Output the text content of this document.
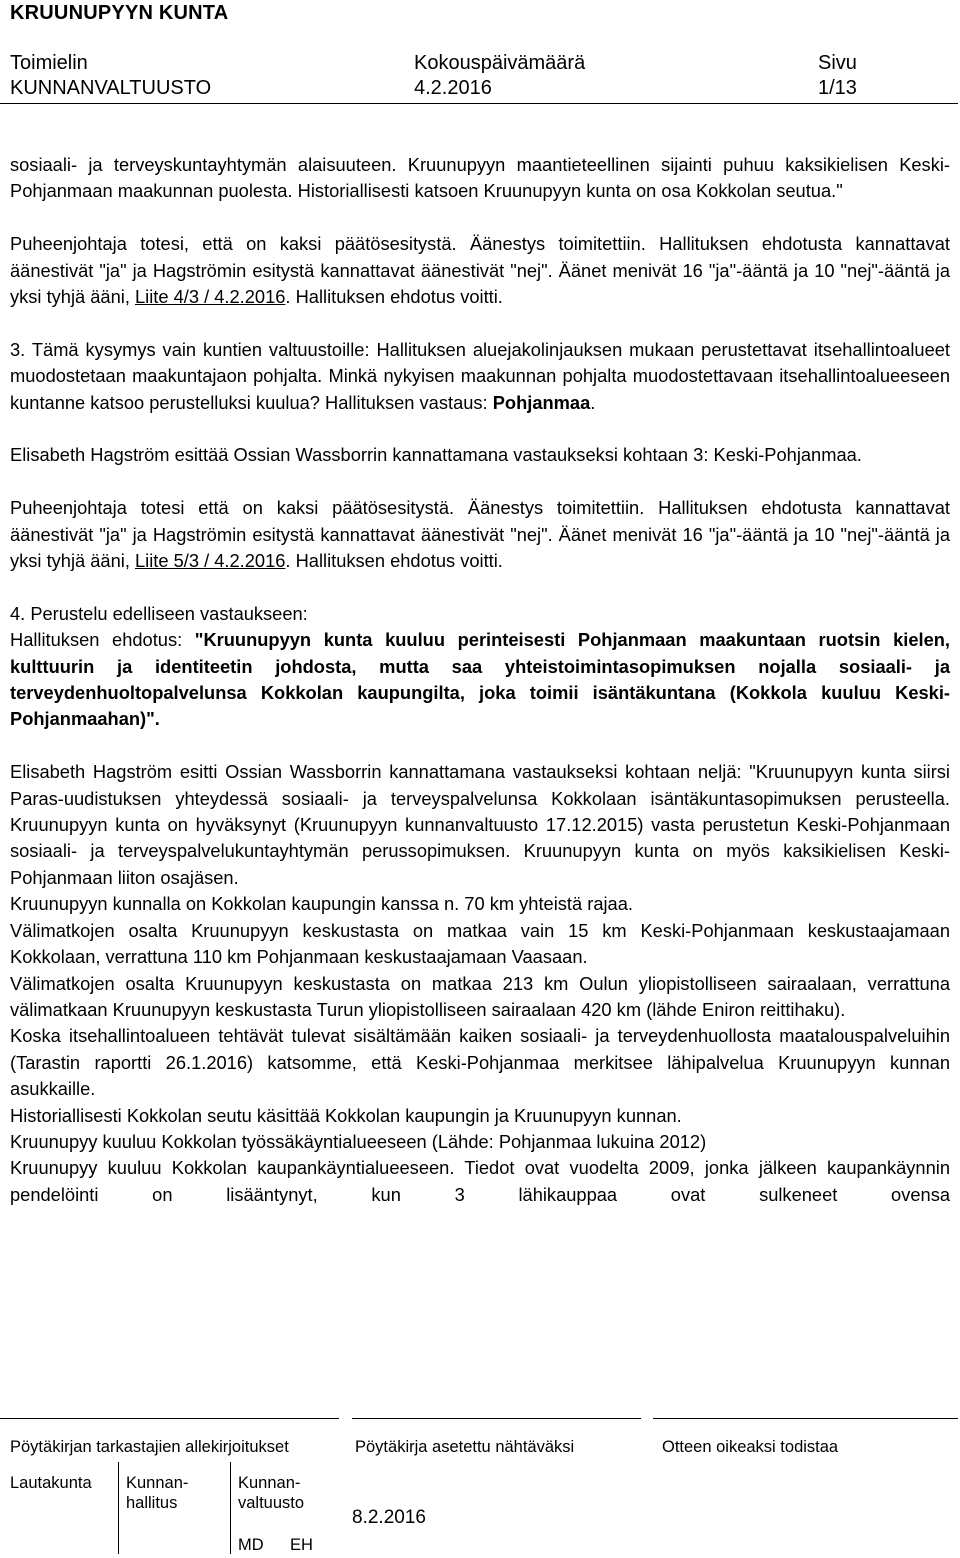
KRUUNUPYYN KUNTA
Toimielin
KUNNANVALTUUSTO
Kokouspäivämäärä
4.2.2016
Sivu
1/13

sosiaali- ja terveyskuntayhtymän alaisuuteen. Kruunupyyn maantieteellinen sijainti puhuu kaksikielisen Keski-Pohjanmaan maakunnan puolesta. Historiallisesti katsoen Kruunupyyn kunta on osa Kokkolan seutua."

Puheenjohtaja totesi, että on kaksi päätösesitystä. Äänestys toimitettiin. Hallituksen ehdotusta kannattavat äänestivät "ja" ja Hagströmin esitystä kannattavat äänestivät "nej". Äänet menivät 16 "ja"-ääntä ja 10 "nej"-ääntä ja yksi tyhjä ääni, Liite 4/3 / 4.2.2016. Hallituksen ehdotus voitti.

3. Tämä kysymys vain kuntien valtuustoille: Hallituksen aluejakolinjauksen mukaan perustettavat itsehallintoalueet muodostetaan maakuntajaon pohjalta. Minkä nykyisen maakunnan pohjalta muodostettavaan itsehallintoalueeseen kuntanne katsoo perustelluksi kuulua? Hallituksen vastaus: Pohjanmaa.

Elisabeth Hagström esittää Ossian Wassborrin kannattamana vastaukseksi kohtaan 3: Keski-Pohjanmaa.

Puheenjohtaja totesi että on kaksi päätösesitystä. Äänestys toimitettiin. Hallituksen ehdotusta kannattavat äänestivät "ja" ja Hagströmin esitystä kannattavat äänestivät "nej". Äänet menivät 16 "ja"-ääntä ja 10 "nej"-ääntä ja yksi tyhjä ääni, Liite 5/3 / 4.2.2016. Hallituksen ehdotus voitti.

4. Perustelu edelliseen vastaukseen:

Hallituksen ehdotus: "Kruunupyyn kunta kuuluu perinteisesti Pohjanmaan maakuntaan ruotsin kielen, kulttuurin ja identiteetin johdosta, mutta saa yhteistoimintasopimuksen nojalla sosiaali- ja terveydenhuoltopalvelunsa Kokkolan kaupungilta, joka toimii isäntäkuntana (Kokkola kuuluu Keski-Pohjanmaahan)".

Elisabeth Hagström esitti Ossian Wassborrin kannattamana vastaukseksi kohtaan neljä: "Kruunupyyn kunta siirsi Paras-uudistuksen yhteydessä sosiaali- ja terveyspalvelunsa Kokkolaan isäntäkuntasopimuksen perusteella. Kruunupyyn kunta on hyväksynyt (Kruunupyyn kunnanvaltuusto 17.12.2015) vasta perustetun Keski-Pohjanmaan sosiaali- ja terveyspalvelukuntayhtymän perussopimuksen. Kruunupyyn kunta on myös kaksikielisen Keski-Pohjanmaan liiton osajäsen.

Kruunupyyn kunnalla on Kokkolan kaupungin kanssa n. 70 km yhteistä rajaa.

Välimatkojen osalta Kruunupyyn keskustasta on matkaa vain 15 km Keski-Pohjanmaan keskustaajamaan Kokkolaan, verrattuna 110 km Pohjanmaan keskustaajamaan Vaasaan.

Välimatkojen osalta Kruunupyyn keskustasta on matkaa 213 km Oulun yliopistolliseen sairaalaan, verrattuna välimatkaan Kruunupyyn keskustasta Turun yliopistolliseen sairaalaan 420 km (lähde Eniron reittihaku).

Koska itsehallintoalueen tehtävät tulevat sisältämään kaiken sosiaali- ja terveydenhuollosta maatalouspalveluihin (Tarastin raportti 26.1.2016) katsomme, että Keski-Pohjanmaa merkitsee lähipalvelua Kruunupyyn kunnan asukkaille.

Historiallisesti Kokkolan seutu käsittää Kokkolan kaupungin ja Kruunupyyn kunnan.

Kruunupyy kuuluu Kokkolan työssäkäyntialueeseen (Lähde: Pohjanmaa lukuina 2012)

Kruunupyy kuuluu Kokkolan kaupankäyntialueeseen. Tiedot ovat vuodelta 2009, jonka jälkeen kaupankäynnin pendelöinti on lisääntynyt, kun 3 lähikauppaa ovat sulkeneet ovensa

Pöytäkirjan tarkastajien allekirjoitukset	Pöytäkirja asetettu nähtäväksi	Otteen oikeaksi todistaa
Lautakunta Kunnan-
hallitus
Kunnan-
valtuusto
MD EH
8.2.2016
